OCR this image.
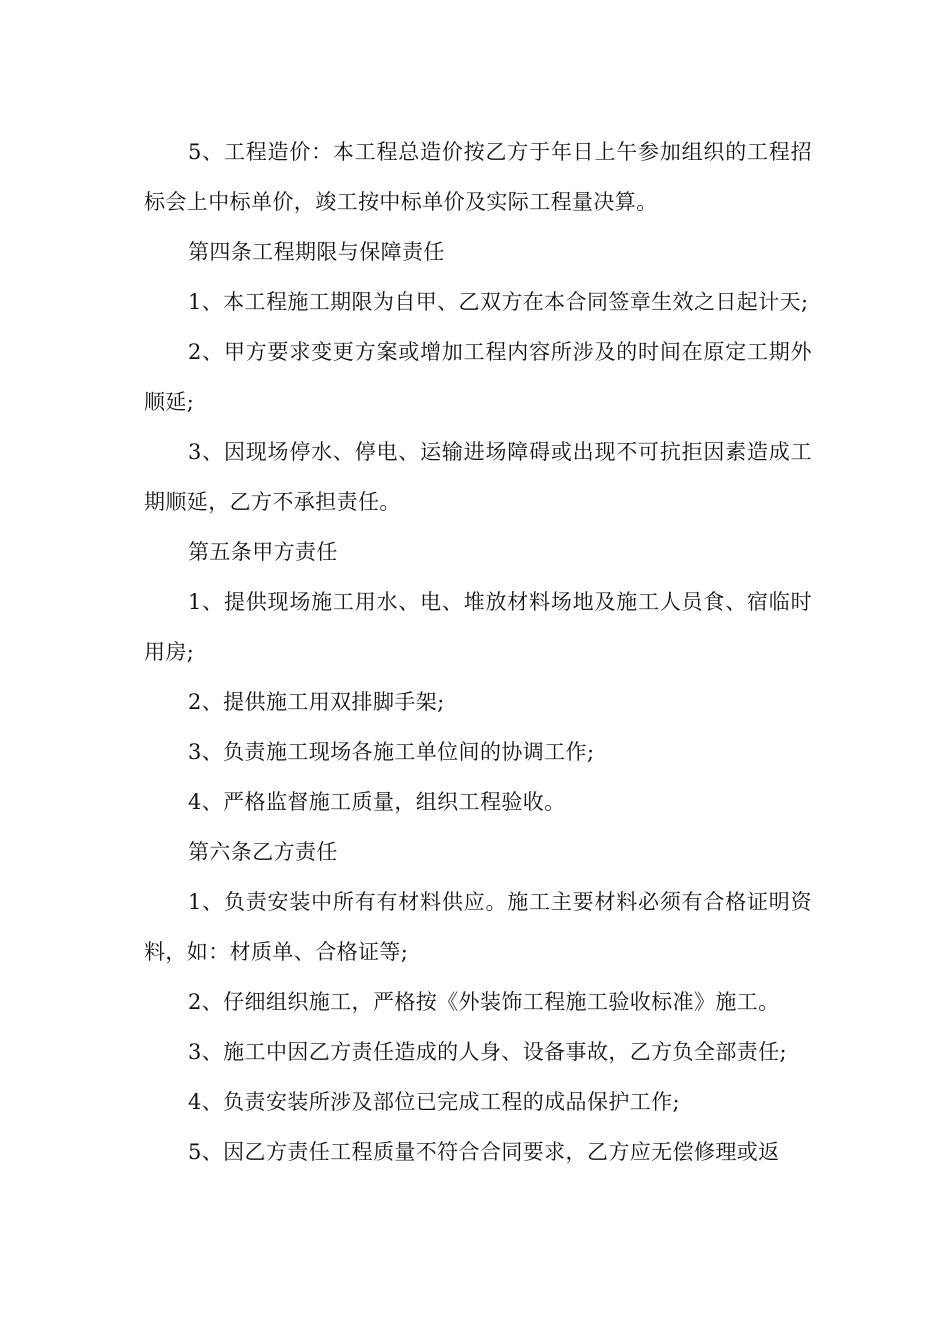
5、工程造价：本工程总造价按乙方于年日上午参加组织的工程招标会上中标单价，竣工按中标单价及实际工程量决算。

第四条工程期限与保障责任

1、本工程施工期限为自甲、乙双方在本合同签章生效之日起计天;

2、甲方要求变更方案或增加工程内容所涉及的时间在原定工期外顺延;

3、因现场停水、停电、运输进场障碍或出现不可抗拒因素造成工期顺延，乙方不承担责任。

第五条甲方责任

1、提供现场施工用水、电、堆放材料场地及施工人员食、宿临时用房;

2、提供施工用双排脚手架;

3、负责施工现场各施工单位间的协调工作;

4、严格监督施工质量，组织工程验收。

第六条乙方责任

1、负责安装中所有有材料供应。施工主要材料必须有合格证明资料，如：材质单、合格证等;

2、仔细组织施工，严格按《外装饰工程施工验收标准》施工。

3、施工中因乙方责任造成的人身、设备事故，乙方负全部责任;

4、负责安装所涉及部位已完成工程的成品保护工作;

5、因乙方责任工程质量不符合合同要求，乙方应无偿修理或返
